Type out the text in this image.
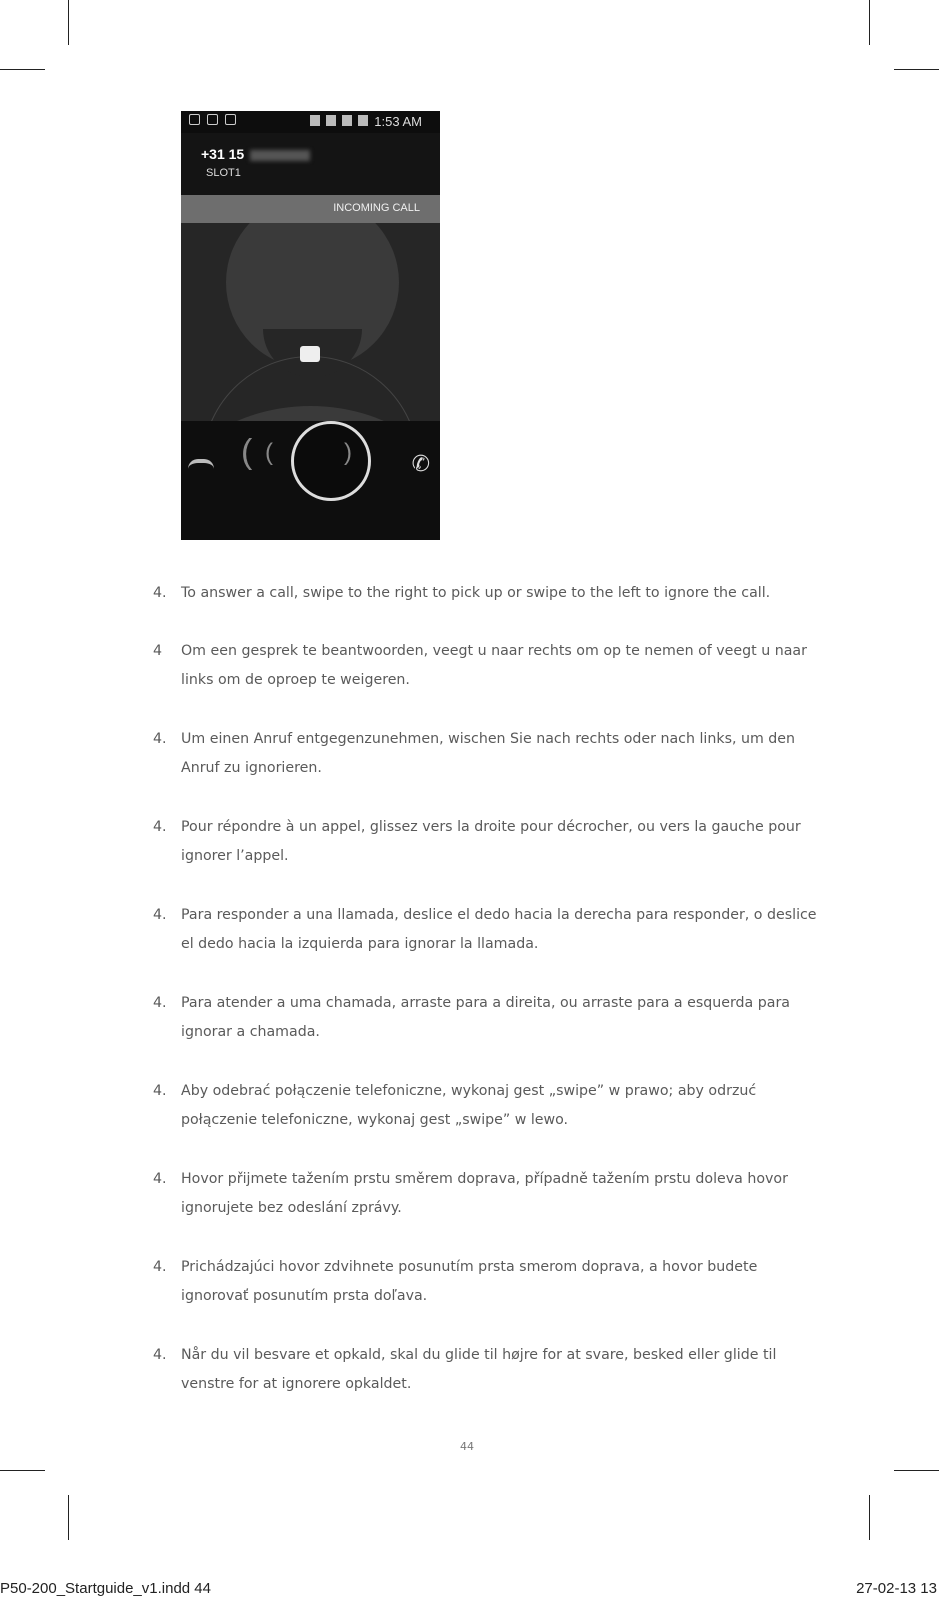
1:53 AM
+31 15
SLOT1
INCOMING CALL
( (	)	✆
4. To answer a call, swipe to the right to pick up or swipe to the left to ignore the call.
4 Om een gesprek te beantwoorden, veegt u naar rechts om op te nemen of veegt u naar links om de oproep te weigeren.
4. Um einen Anruf entgegenzunehmen, wischen Sie nach rechts oder nach links, um den Anruf zu ignorieren.
4. Pour répondre à un appel, glissez vers la droite pour décrocher, ou vers la gauche pour ignorer l’appel.
4. Para responder a una llamada, deslice el dedo hacia la derecha para responder, o deslice el dedo hacia la izquierda para ignorar la llamada.
4. Para atender a uma chamada, arraste para a direita, ou arraste para a esquerda para ignorar a chamada.
4. Aby odebrać połączenie telefoniczne, wykonaj gest „swipe” w prawo; aby odrzuć połączenie telefoniczne, wykonaj gest „swipe” w lewo.
4. Hovor přijmete tažením prstu směrem doprava, případně tažením prstu doleva hovor ignorujete bez odeslání zprávy.
4. Prichádzajúci hovor zdvihnete posunutím prsta smerom doprava, a hovor budete ignorovať posunutím prsta doľava.
4. Når du vil besvare et opkald, skal du glide til højre for at svare, besked eller glide til venstre for at ignorere opkaldet.
44
P50-200_Startguide_v1.indd 44	27-02-13 13
